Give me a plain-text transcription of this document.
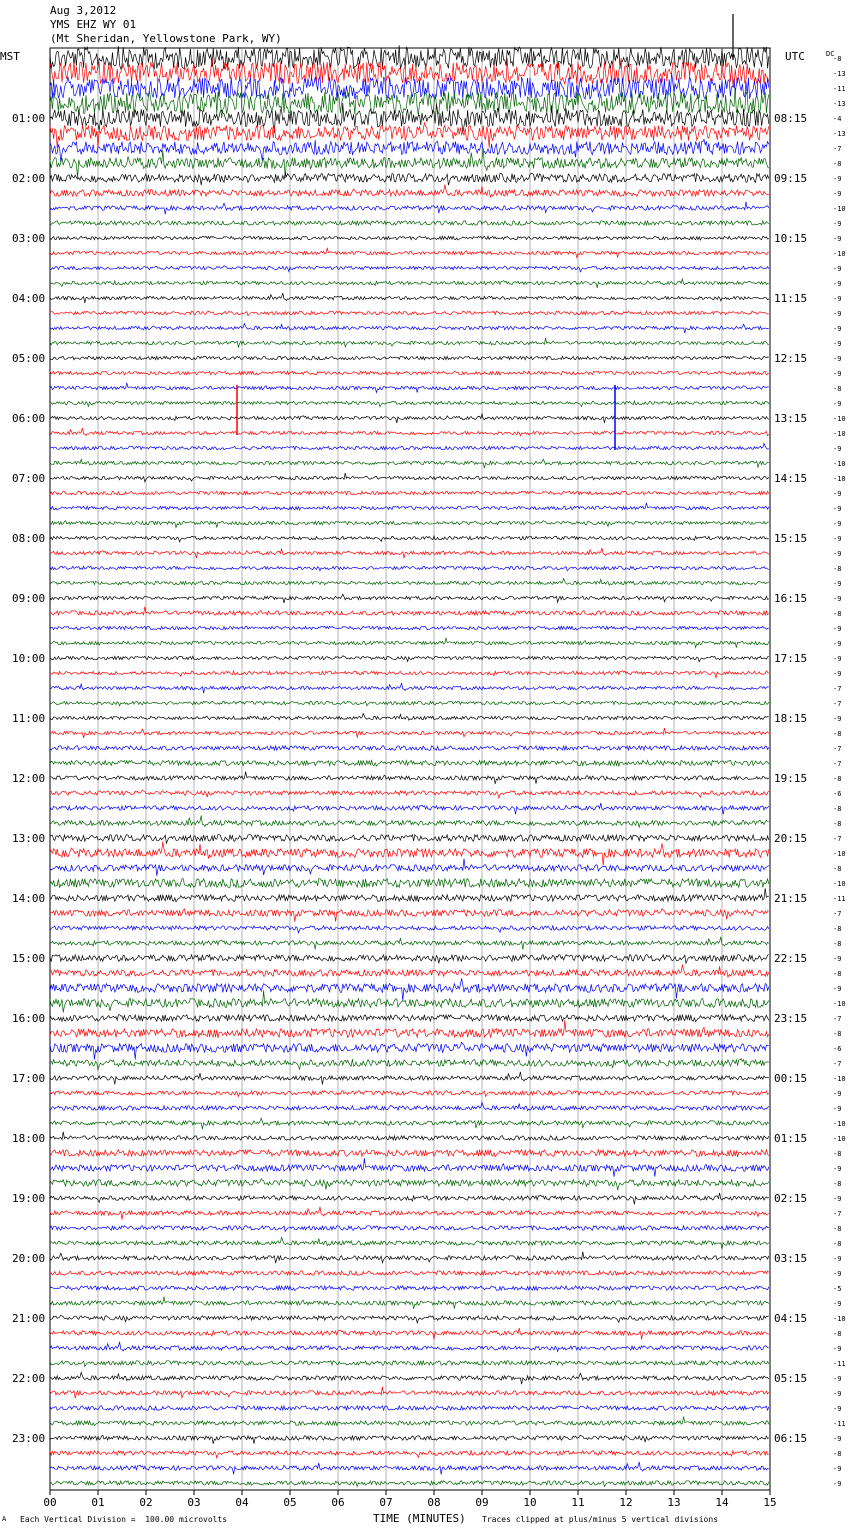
Aug 3,2012
YMS EHZ WY 01
(Mt Sheridan, Yellowstone Park, WY)
MST	UTC	DC
01:00
02:00
03:00
04:00
05:00
06:00
07:00
08:00
09:00
10:00
11:00
12:00
13:00
14:00
15:00
16:00
17:00
18:00
19:00
20:00
21:00
22:00
23:00
08:15
09:15
10:15
11:15
12:15
13:15
14:15
15:15
16:15
17:15
18:15
19:15
20:15
21:15
22:15
23:15
00:15
01:15
02:15
03:15
04:15
05:15
06:15
-8
-13
-11
-13
-4
-13
-7
-8
-9
-9
-10
-9
-9
-10
-9
-9
-9
-9
-9
-9
-9
-9
-8
-9
-10
-10
-9
-10
-10
-9
-9
-9
-9
-9
-8
-9
-9
-8
-9
-9
-9
-9
-7
-7
-9
-8
-7
-7
-8
-6
-8
-8
-7
-10
-8
-10
-11
-7
-8
-8
-9
-8
-9
-10
-7
-8
-6
-7
-10
-9
-9
-10
-10
-8
-9
-8
-9
-7
-8
-8
-9
-9
-5
-9
-10
-8
-9
-11
-9
-9
-9
-11
-9
-8
-9
-9
00	01	02	03	04	05	06	07	08	09	10	11	12	13	14	15
A Each Vertical Division =  100.00 microvolts	TIME (MINUTES) Traces clipped at plus/minus 5 vertical divisions
